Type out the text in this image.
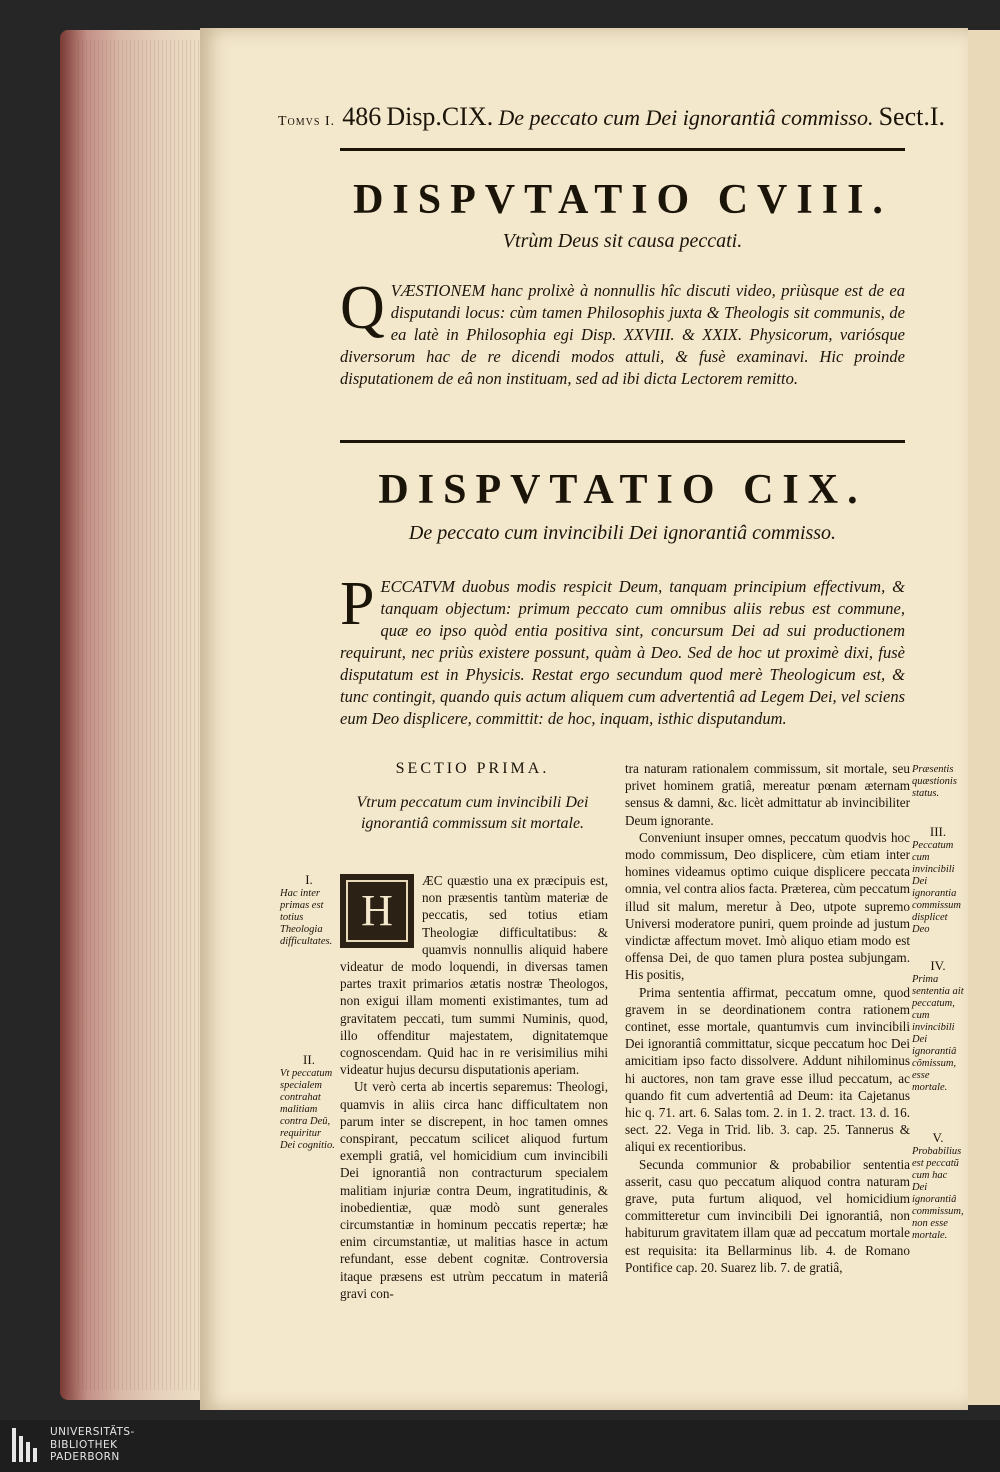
Tomvs I. 486 Disp.CIX. De peccato cum Dei ignorantiâ commisso. Sect.I.
DISPVTATIO CVIII.
Vtrùm Deus sit causa peccati.
QVÆSTIONEM hanc prolixè à nonnullis hîc discuti video, priùsque est de ea disputandi locus: cùm tamen Philosophis juxta & Theologis sit communis, de ea latè in Philosophia egi Disp. XXVIII. & XXIX. Physicorum, variósque diversorum hac de re dicendi modos attuli, & fusè examinavi. Hic proinde disputationem de eâ non instituam, sed ad ibi dicta Lectorem remitto.
DISPVTATIO CIX.
De peccato cum invincibili Dei ignorantiâ commisso.
PECCATVM duobus modis respicit Deum, tanquam principium effectivum, & tanquam objectum: primum peccato cum omnibus aliis rebus est commune, quæ eo ipso quòd entia positiva sint, concursum Dei ad sui productionem requirunt, nec priùs existere possunt, quàm à Deo. Sed de hoc ut proximè dixi, fusè disputatum est in Physicis. Restat ergo secundum quod merè Theologicum est, & tunc contingit, quando quis actum aliquem cum advertentiâ ad Legem Dei, vel sciens eum Deo displicere, committit: de hoc, inquam, isthic disputandum.
SECTIO PRIMA.
Vtrum peccatum cum invincibili Dei ignorantiâ commissum sit mortale.
H
ÆC quæstio una ex præcipuis est, non præsentis tantùm materiæ de peccatis, sed totius etiam Theologiæ difficultatibus: & quamvis nonnullis aliquid habere videatur de modo loquendi, in diversas tamen partes traxit primarios ætatis nostræ Theologos, non exigui illam momenti existimantes, tum ad gravitatem peccati, tum summi Numinis, quod, illo offenditur majestatem, dignitatemque cognoscendam. Quid hac in re verisimilius mihi videatur hujus decursu disputationis aperiam.
Ut verò certa ab incertis separemus: Theologi, quamvis in aliis circa hanc difficultatem non parum inter se discrepent, in hoc tamen omnes conspirant, peccatum scilicet aliquod furtum exempli gratiâ, vel homicidium cum invincibili Dei ignorantiâ non contracturum specialem malitiam injuriæ contra Deum, ingratitudinis, & inobedientiæ, quæ modò sunt generales circumstantiæ in hominum peccatis repertæ; hæ enim circumstantiæ, ut malitias hasce in actum refundant, esse debent cognitæ. Controversia itaque præsens est utrùm peccatum in materiâ gravi con-
tra naturam rationalem commissum, sit mortale, seu privet hominem gratiâ, mereatur pœnam æternam sensus & damni, &c. licèt admittatur ab invincibiliter Deum ignorante.
Conveniunt insuper omnes, peccatum quodvis hoc modo commissum, Deo displicere, cùm etiam inter homines videamus optimo cuique displicere peccata omnia, vel contra alios facta. Præterea, cùm peccatum illud sit malum, meretur à Deo, utpote supremo Universi moderatore puniri, quem proinde ad justum vindictæ affectum movet. Imò aliquo etiam modo est offensa Dei, de quo tamen plura postea subjungam. His positis,
Prima sententia affirmat, peccatum omne, quod gravem in se deordinationem contra rationem continet, esse mortale, quantumvis cum invincibili Dei ignorantiâ committatur, sicque peccatum hoc Dei amicitiam ipso facto dissolvere. Addunt nihilominus hi auctores, non tam grave esse illud peccatum, ac quando fit cum advertentiâ ad Deum: ita Cajetanus hic q. 71. art. 6. Salas tom. 2. in 1. 2. tract. 13. d. 16. sect. 22. Vega in Trid. lib. 3. cap. 25. Tannerus & aliqui ex recentioribus.
Secunda communior & probabilior sententia asserit, casu quo peccatum aliquod contra naturam grave, puta furtum aliquod, vel homicidium committeretur cum invincibili Dei ignorantiâ, non habiturum gravitatem illam quæ ad peccatum mortale est requisita: ita Bellarminus lib. 4. de Romano Pontifice cap. 20. Suarez lib. 7. de gratiâ,
I.
Hac inter primas est totius Theologia difficultates.
II.
Vt peccatum specialem contrahat malitiam contra Deû, requiritur Dei cognitio.
Præsentis quæstionis status.
III.
Peccatum cum invincibili Dei ignorantia commissum displicet Deo
IV.
Prima sententia ait peccatum, cum invincibili Dei ignorantiâ cõmissum, esse mortale.
V.
Probabilius est peccatũ cum hac Dei ignorantiâ commissum, non esse mortale.
UNIVERSITÄTS-
BIBLIOTHEK
PADERBORN
